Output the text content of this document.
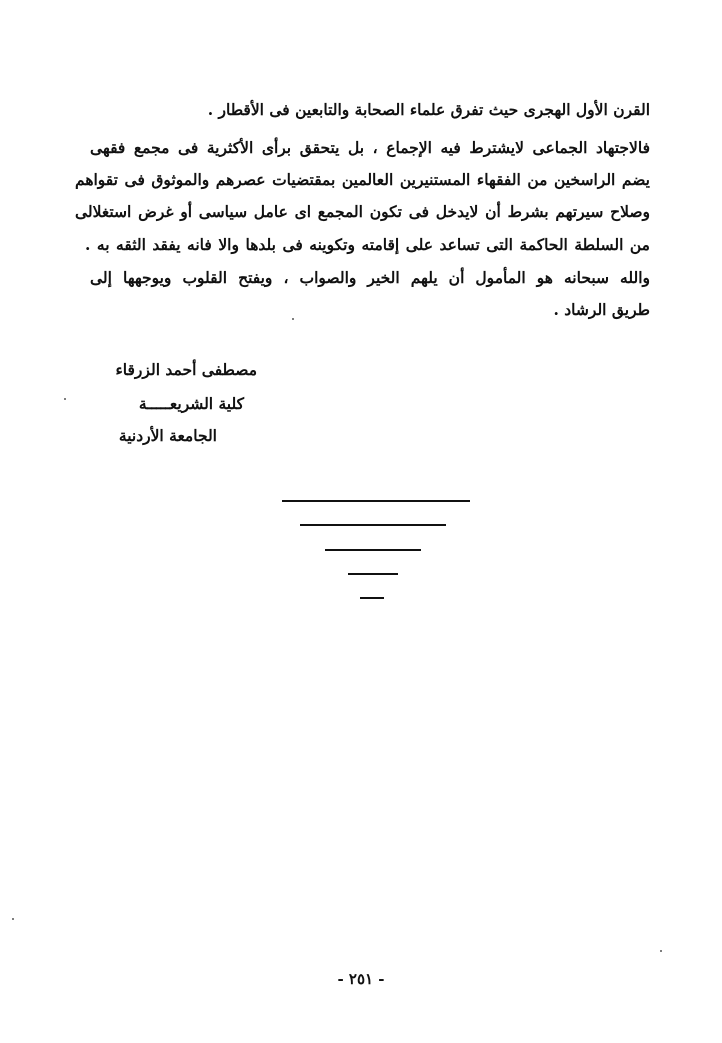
القرن الأول الهجرى حيث تفرق علماء الصحابة والتابعين فى الأقطار .
فالاجتهاد الجماعى لايشترط فيه الإجماع ، بل يتحقق برأى الأكثرية فى مجمع فقهى
يضم الراسخين من الفقهاء المستنيرين العالمين بمقتضيات عصرهم والموثوق فى تقواهم
وصلاح سيرتهم بشرط أن لايدخل فى تكون المجمع اى عامل سياسى أو غرض استغلالى
من السلطة الحاكمة التى تساعد على إقامته وتكوينه فى بلدها والا فانه يفقد الثقه به .
والله سبحانه هو المأمول أن يلهم الخير والصواب ، ويفتح القلوب ويوجهها إلى
طريق الرشاد .
مصطفى أحمد الزرقاء
كلية الشريعـــــة
الجامعة الأردنية
- ٢٥١ -
